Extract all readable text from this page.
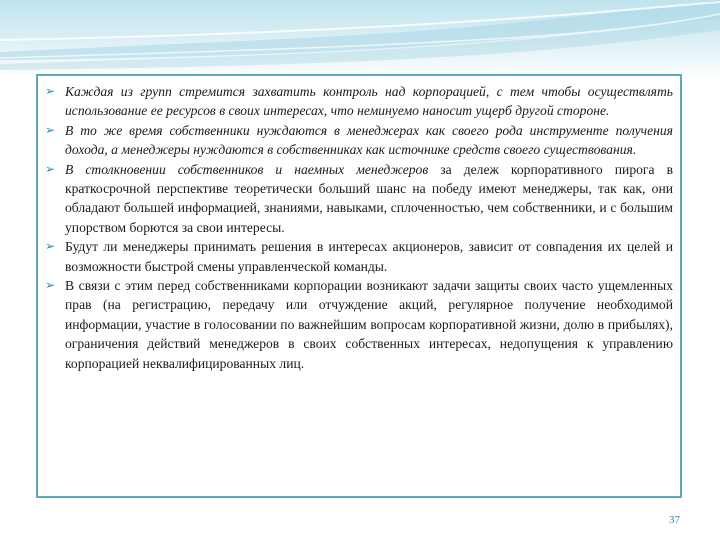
➢ Каждая из групп стремится захватить контроль над корпорацией, с тем чтобы осуществлять использование ее ресурсов в своих интересах, что неминуемо наносит ущерб другой стороне.
➢ В то же время собственники нуждаются в менеджерах как своего рода инструменте получения дохода, а менеджеры нуждаются в собственниках как источнике средств своего существования.
➢ В столкновении собственников и наемных менеджеров за дележ корпоративного пирога в краткосрочной перспективе теоретически больший шанс на победу имеют менеджеры, так как, они обладают большей информацией, знаниями, навыками, сплоченностью, чем собственники, и с большим упорством борются за свои интересы.
➢ Будут ли менеджеры принимать решения в интересах акционеров, зависит от совпадения их целей и возможности быстрой смены управленческой команды.
➢ В связи с этим перед собственниками корпорации возникают задачи защиты своих часто ущемленных прав (на регистрацию, передачу или отчуждение акций, регулярное получение необходимой информации, участие в голосовании по важнейшим вопросам корпоративной жизни, долю в прибылях), ограничения действий менеджеров в своих собственных интересах, недопущения к управлению корпорацией неквалифицированных лиц.
37
